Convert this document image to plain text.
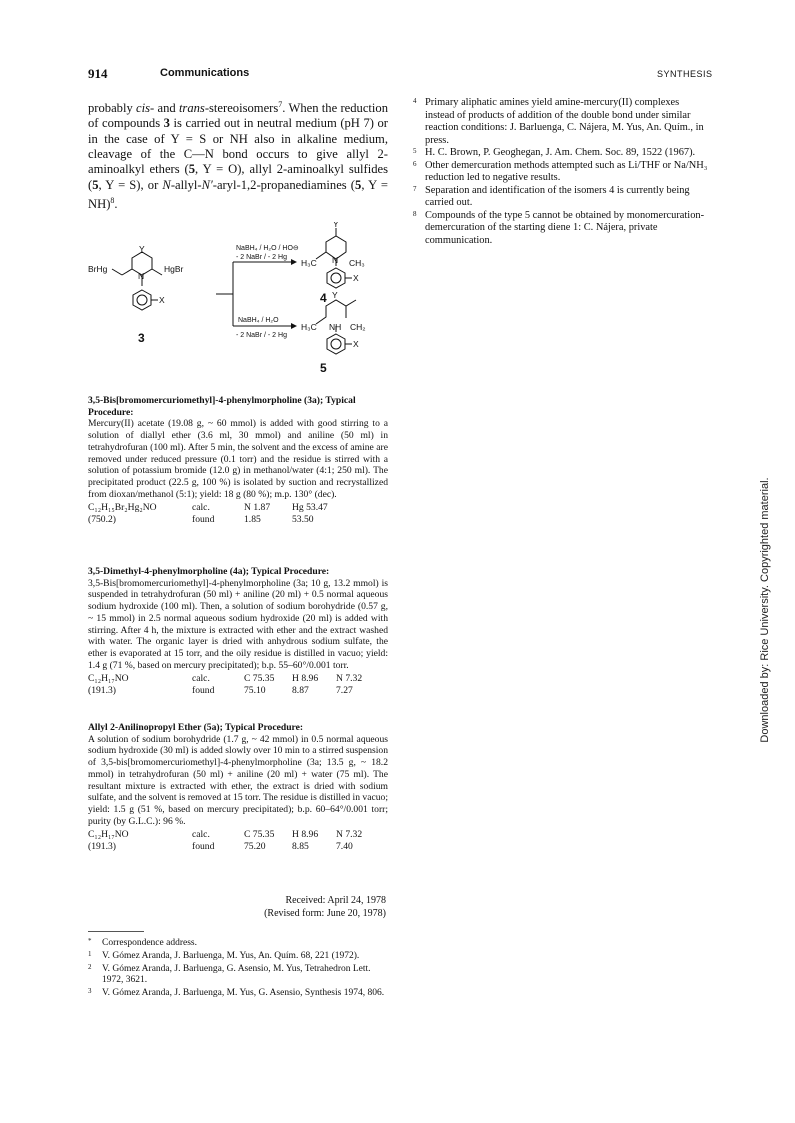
914	Communications	SYNTHESIS

probably cis- and trans-stereoisomers$^7$. When the reduction of compounds 3 is carried out in neutral medium (pH 7) or in the case of Y = S or NH also in alkaline medium, cleavage of the C—N bond occurs to give allyl 2-aminoalkyl ethers (5, Y = O), allyl 2-aminoalkyl sulfides (5, Y = S), or N-allyl-N′-aryl-1,2-propanediamines (5, Y = NH)$^8$.

Y
BrHg	HgBr
N
X
NaBH₄ / H₂O / HO⊖
- 2 NaBr / - 2 Hg
NaBH₄ / H₂O
- 2 NaBr / - 2 Hg
Y
H₃C N CH₃
X
Y
H₃C NH CH₂
X
3
4
5
3,5-Bis[bromomercuriomethyl]-4-phenylmorpholine (3a); Typical Procedure:

Mercury(II) acetate (19.08 g, ~ 60 mmol) is added with good stirring to a solution of diallyl ether (3.6 ml, 30 mmol) and aniline (50 ml) in tetrahydrofuran (100 ml). After 5 min, the solvent and the excess of amine are removed under reduced pressure (0.1 torr) and the residue is stirred with a solution of potassium bromide (12.0 g) in methanol/water (4:1; 250 ml). The precipitated product (22.5 g, 100 %) is isolated by suction and recrystallized from dioxan/methanol (5:1); yield: 18 g (80 %); m.p. 130° (dec).

C₁₂H₁₅Br₂Hg₂NO	calc.	N 1.87	Hg 53.47
(750.2)	found	1.85	53.50
3,5-Dimethyl-4-phenylmorpholine (4a); Typical Procedure:

3,5-Bis[bromomercuriomethyl]-4-phenylmorpholine (3a; 10 g, 13.2 mmol) is suspended in tetrahydrofuran (50 ml) + aniline (20 ml) + 0.5 normal aqueous sodium hydroxide (100 ml). Then, a solution of sodium borohydride (0.57 g, ~ 15 mmol) in 2.5 normal aqueous sodium hydroxide (20 ml) is added with stirring. After 4 h, the mixture is extracted with ether and the extract washed with water. The organic layer is dried with anhydrous sodium sulfate, the ether is evaporated at 15 torr, and the oily residue is distilled in vacuo; yield: 1.4 g (71 %, based on mercury precipitated); b.p. 55–60°/0.001 torr.

C₁₂H₁₇NO	calc.	C 75.35	H 8.96	N 7.32
(191.3)	found	75.10	8.87	7.27
Allyl 2-Anilinopropyl Ether (5a); Typical Procedure:

A solution of sodium borohydride (1.7 g, ~ 42 mmol) in 0.5 normal aqueous sodium hydroxide (30 ml) is added slowly over 10 min to a stirred suspension of 3,5-bis[bromomercuriomethyl]-4-phenylmorpholine (3a; 13.5 g, ~ 18.2 mmol) in tetrahydrofuran (50 ml) + aniline (20 ml) + water (75 ml). The resultant mixture is extracted with ether, the extract is dried with sodium sulfate, and the solvent is removed at 15 torr. The residue is distilled in vacuo; yield: 1.5 g (51 %, based on mercury precipitated); b.p. 60–64°/0.001 torr; purity (by G.L.C.): 96 %.

C₁₂H₁₇NO	calc.	C 75.35	H 8.96	N 7.32
(191.3)	found	75.20	8.85	7.40
Received: April 24, 1978
(Revised form: June 20, 1978)
* Correspondence address.
1 V. Gómez Aranda, J. Barluenga, M. Yus, An. Quím. 68, 221 (1972).
2 V. Gómez Aranda, J. Barluenga, G. Asensio, M. Yus, Tetrahedron Lett. 1972, 3621.
3 V. Gómez Aranda, J. Barluenga, M. Yus, G. Asensio, Synthesis 1974, 806.
4 Primary aliphatic amines yield amine-mercury(II) complexes instead of products of addition of the double bond under similar reaction conditions: J. Barluenga, C. Nájera, M. Yus, An. Quím., in press.
5 H. C. Brown, P. Geoghegan, J. Am. Chem. Soc. 89, 1522 (1967).
6 Other demercuration methods attempted such as Li/THF or Na/NH₃ reduction led to negative results.
7 Separation and identification of the isomers 4 is currently being carried out.
8 Compounds of the type 5 cannot be obtained by monomercuration-demercuration of the starting diene 1: C. Nájera, private communication.
Downloaded by: Rice University. Copyrighted material.
